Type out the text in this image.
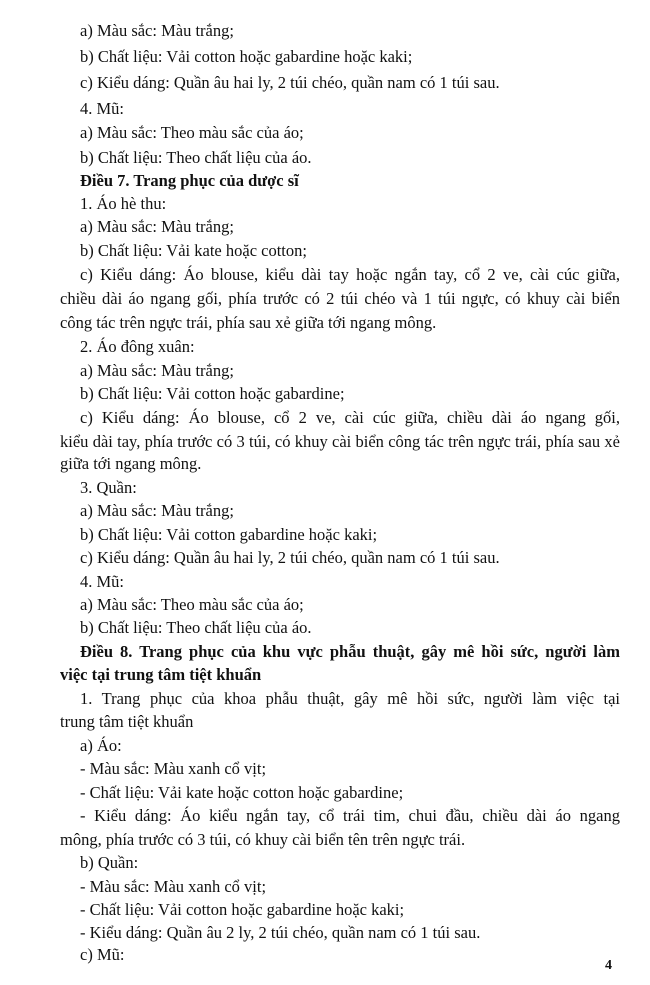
a) Màu sắc: Màu trắng;
b) Chất liệu: Vải cotton hoặc gabardine hoặc kaki;
c) Kiểu dáng: Quần âu hai ly, 2 túi chéo, quần nam có 1 túi sau.
4. Mũ:
a) Màu sắc: Theo màu sắc của áo;
b) Chất liệu: Theo chất liệu của áo.
Điều 7. Trang phục của dược sĩ
1. Áo hè thu:
a) Màu sắc: Màu trắng;
b) Chất liệu: Vải kate hoặc cotton;
c) Kiểu dáng: Áo blouse, kiểu dài tay hoặc ngắn tay, cổ 2 ve, cài cúc giữa,
chiều dài áo ngang gối, phía trước có 2 túi chéo và 1 túi ngực, có khuy cài biển
công tác trên ngực trái, phía sau xẻ giữa tới ngang mông.
2. Áo đông xuân:
a) Màu sắc: Màu trắng;
b) Chất liệu: Vải cotton hoặc gabardine;
c) Kiểu dáng: Áo blouse, cổ 2 ve, cài cúc giữa, chiều dài áo ngang gối,
kiểu dài tay, phía trước có 3 túi, có khuy cài biển công tác trên ngực trái, phía sau xẻ
giữa tới ngang mông.
3. Quần:
a) Màu sắc: Màu trắng;
b) Chất liệu: Vải cotton gabardine hoặc kaki;
c) Kiểu dáng: Quần âu hai ly, 2 túi chéo, quần nam có 1 túi sau.
4. Mũ:
a) Màu sắc: Theo màu sắc của áo;
b) Chất liệu: Theo chất liệu của áo.
Điều 8. Trang phục của khu vực phẫu thuật, gây mê hồi sức, người làm
việc tại trung tâm tiệt khuẩn
1. Trang phục của khoa phẫu thuật, gây mê hồi sức, người làm việc tại
trung tâm tiệt khuẩn
a) Áo:
- Màu sắc: Màu xanh cổ vịt;
- Chất liệu: Vải kate hoặc cotton hoặc gabardine;
- Kiểu dáng: Áo kiểu ngắn tay, cổ trái tim, chui đầu, chiều dài áo ngang
mông, phía trước có 3 túi, có khuy cài biển tên trên ngực trái.
b) Quần:
- Màu sắc: Màu xanh cổ vịt;
- Chất liệu: Vải cotton hoặc gabardine hoặc kaki;
- Kiểu dáng: Quần âu 2 ly, 2 túi chéo, quần nam có 1 túi sau.
c) Mũ:
4
